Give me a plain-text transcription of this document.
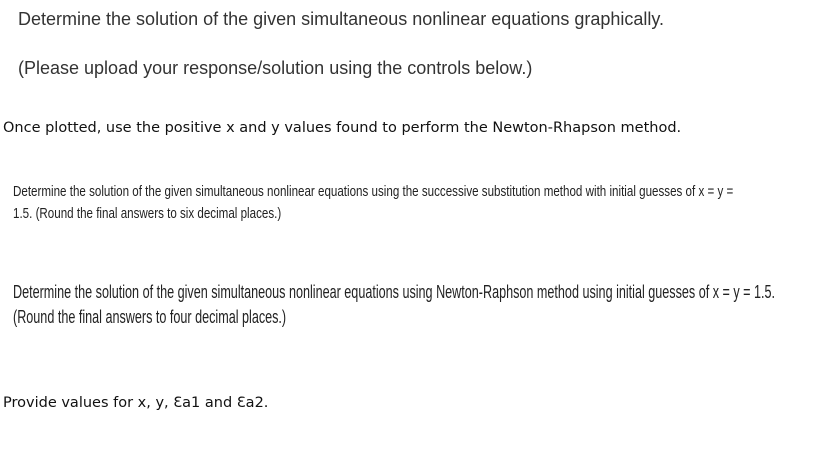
Determine the solution of the given simultaneous nonlinear equations graphically.
(Please upload your response/solution using the controls below.)
Once plotted, use the positive x and y values found to perform the Newton-Rhapson method.
Determine the solution of the given simultaneous nonlinear equations using the successive substitution method with initial guesses of x = y =
1.5. (Round the final answers to six decimal places.)
Determine the solution of the given simultaneous nonlinear equations using Newton-Raphson method using initial guesses of x = y = 1.5.
(Round the final answers to four decimal places.)
Provide values for x, y, Ɛa1 and Ɛa2.
